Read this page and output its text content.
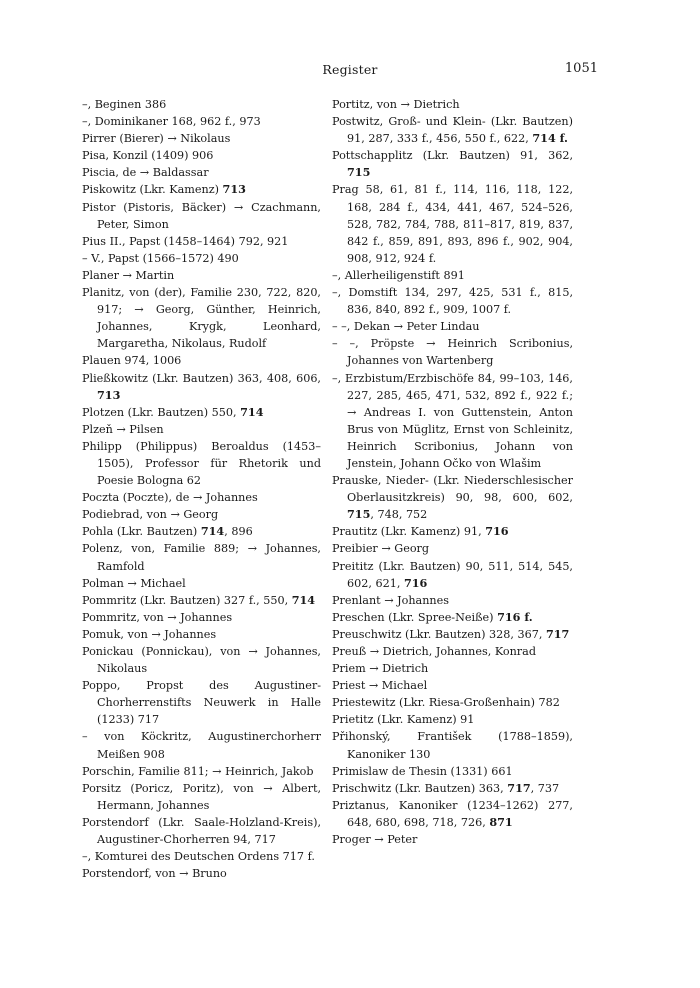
Register	1051
–, Beginen 386
–, Dominikaner 168, 962 f., 973
Pirrer (Bierer) → Nikolaus
Pisa, Konzil (1409) 906
Piscia, de → Baldassar
Piskowitz (Lkr. Kamenz) 713
Pistor (Pistoris, Bäcker) → Czachmann, Peter, Simon
Pius II., Papst (1458–1464) 792, 921
– V., Papst (1566–1572) 490
Planer → Martin
Planitz, von (der), Familie 230, 722, 820, 917; → Georg, Günther, Heinrich, Johannes, Krygk, Leonhard, Margaretha, Nikolaus, Rudolf
Plauen 974, 1006
Pließkowitz (Lkr. Bautzen) 363, 408, 606, 713
Plotzen (Lkr. Bautzen) 550, 714
Plzeň → Pilsen
Philipp (Philippus) Beroaldus (1453–1505), Professor für Rhetorik und Poesie Bologna 62
Poczta (Poczte), de → Johannes
Podiebrad, von → Georg
Pohla (Lkr. Bautzen) 714, 896
Polenz, von, Familie 889; → Johannes, Ramfold
Polman → Michael
Pommritz (Lkr. Bautzen) 327 f., 550, 714
Pommritz, von → Johannes
Pomuk, von → Johannes
Ponickau (Ponnickau), von → Johannes, Nikolaus
Poppo, Propst des Augustiner-Chorherrenstifts Neuwerk in Halle (1233) 717
– von Köckritz, Augustinerchorherr Meißen 908
Porschin, Familie 811; → Heinrich, Jakob
Porsitz (Poricz, Poritz), von → Albert, Hermann, Johannes
Porstendorf (Lkr. Saale-Holzland-Kreis), Augustiner-Chorherren 94, 717
–, Komturei des Deutschen Ordens 717 f.
Porstendorf, von → Bruno
Portitz, von → Dietrich
Postwitz, Groß- und Klein- (Lkr. Bautzen) 91, 287, 333 f., 456, 550 f., 622, 714 f.
Pottschapplitz (Lkr. Bautzen) 91, 362, 715
Prag 58, 61, 81 f., 114, 116, 118, 122, 168, 284 f., 434, 441, 467, 524–526, 528, 782, 784, 788, 811–817, 819, 837, 842 f., 859, 891, 893, 896 f., 902, 904, 908, 912, 924 f.
–, Allerheiligenstift 891
–, Domstift 134, 297, 425, 531 f., 815, 836, 840, 892 f., 909, 1007 f.
– –, Dekan → Peter Lindau
– –, Pröpste → Heinrich Scribonius, Johannes von Wartenberg
–, Erzbistum/Erzbischöfe 84, 99–103, 146, 227, 285, 465, 471, 532, 892 f., 922 f.; → Andreas I. von Guttenstein, Anton Brus von Müglitz, Ernst von Schleinitz, Heinrich Scribonius, Johann von Jenstein, Johann Očko von Wlašim
Prauske, Nieder- (Lkr. Niederschlesischer Oberlausitzkreis) 90, 98, 600, 602, 715, 748, 752
Prautitz (Lkr. Kamenz) 91, 716
Preibier → Georg
Preititz (Lkr. Bautzen) 90, 511, 514, 545, 602, 621, 716
Prenlant → Johannes
Preschen (Lkr. Spree-Neiße) 716 f.
Preuschwitz (Lkr. Bautzen) 328, 367, 717
Preuß → Dietrich, Johannes, Konrad
Priem → Dietrich
Priest → Michael
Priestewitz (Lkr. Riesa-Großenhain) 782
Prietitz (Lkr. Kamenz) 91
Přihonský, František (1788–1859), Kanoniker 130
Primislaw de Thesin (1331) 661
Prischwitz (Lkr. Bautzen) 363, 717, 737
Priztanus, Kanoniker (1234–1262) 277, 648, 680, 698, 718, 726, 871
Proger → Peter
